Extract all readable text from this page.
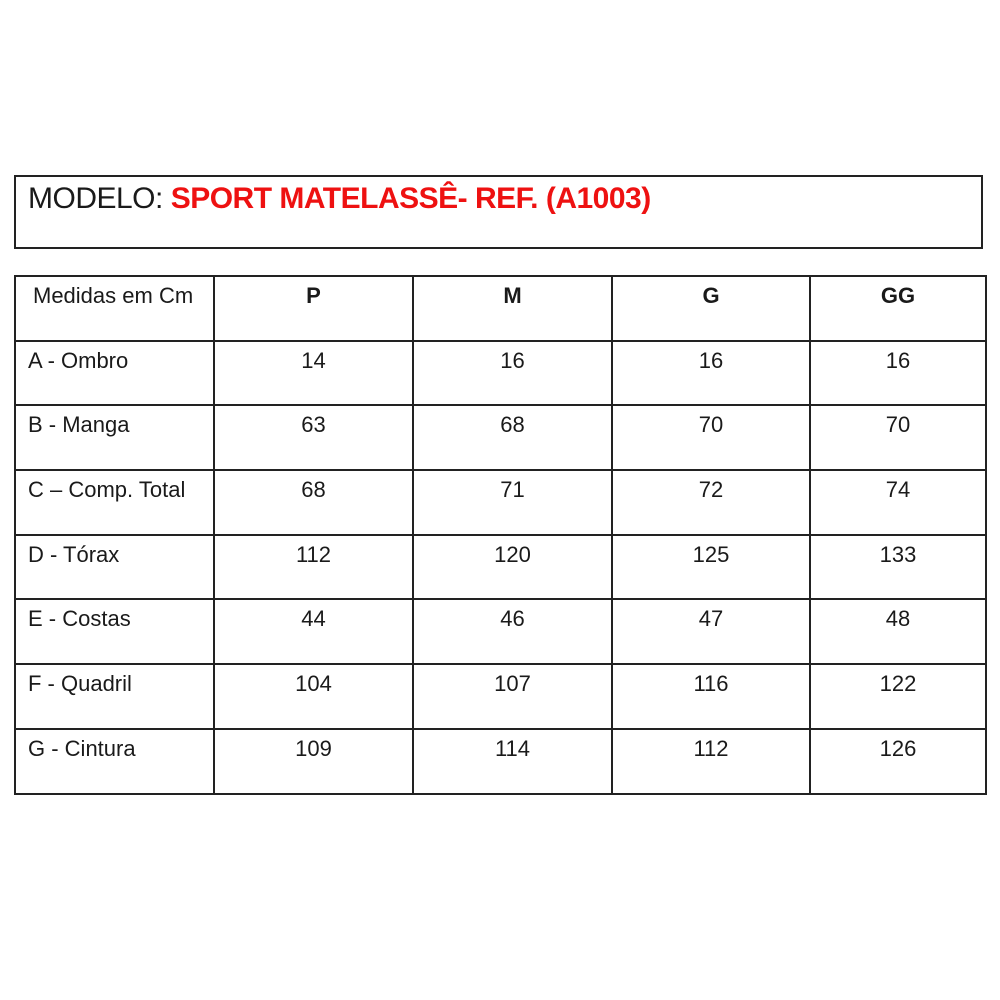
MODELO: SPORT MATELASSÊ- REF. (A1003)
Medidas em Cm	P	M	G	GG
A - Ombro	14	16	16	16
B - Manga	63	68	70	70
C – Comp. Total	68	71	72	74
D - Tórax	112	120	125	133
E - Costas	44	46	47	48
F - Quadril	104	107	116	122
G - Cintura	109	114	112	126
